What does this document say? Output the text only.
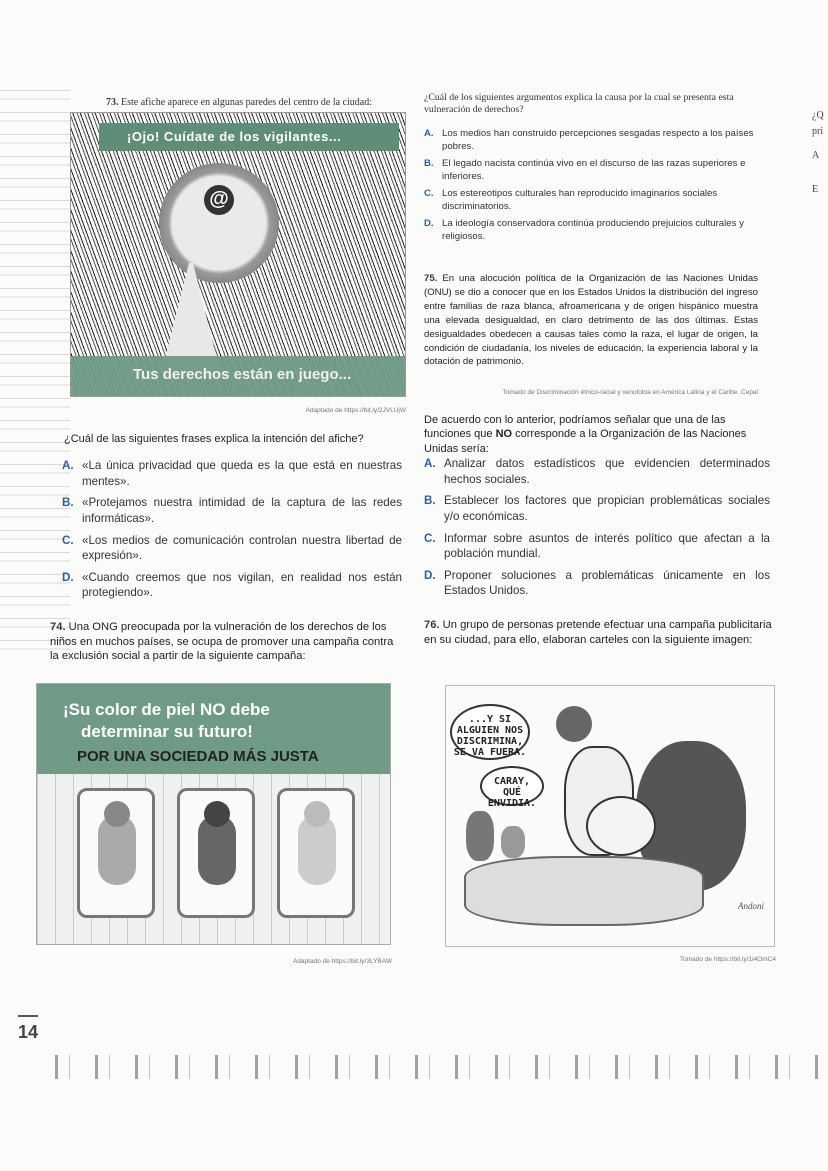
¿Q
pri
A
E
73. Este afiche aparece en algunas paredes del centro de la ciudad:
¡Ojo! Cuídate de los vigilantes...
@
Tus derechos están en juego...
Adaptado de https://bit.ly/2JVLUjW
¿Cuál de las siguientes frases explica la intención del afiche?
A. «La única privacidad que queda es la que está en nuestras mentes».
B. «Protejamos nuestra intimidad de la captura de las redes informáticas».
C. «Los medios de comunicación controlan nuestra libertad de expresión».
D. «Cuando creemos que nos vigilan, en realidad nos están protegiendo».
74. Una ONG preocupada por la vulneración de los derechos de los niños en muchos países, se ocupa de promover una campaña contra la exclusión social a partir de la siguiente campaña:
¡Su color de piel NO debe
determinar su futuro!
POR UNA SOCIEDAD MÁS JUSTA
Adaptado de https://bit.ly/3LYBAW
¿Cuál de los siguientes argumentos explica la causa por la cual se presenta esta vulneración de derechos?
A. Los medios han construido percepciones sesgadas respecto a los países pobres.
B. El legado nacista continúa vivo en el discurso de las razas superiores e inferiores.
C. Los estereotipos culturales han reproducido imaginarios sociales discriminatorios.
D. La ideología conservadora continúa produciendo prejuicios culturales y religiosos.
75. En una alocución política de la Organización de las Naciones Unidas (ONU) se dio a conocer que en los Estados Unidos la distribución del ingreso entre familias de raza blanca, afroamericana y de origen hispánico muestra una elevada desigualdad, en claro detrimento de las dos últimas. Estas desigualdades obedecen a causas tales como la raza, el lugar de origen, la condición de ciudadanía, los niveles de educación, la experiencia laboral y la dotación de patrimonio.
Tomado de Discriminación étnico-racial y xenofobia en América Latina y el Caribe. Cepal
De acuerdo con lo anterior, podríamos señalar que una de las funciones que NO corresponde a la Organización de las Naciones Unidas sería:
A. Analizar datos estadísticos que evidencien determinados hechos sociales.
B. Establecer los factores que propician problemáticas sociales y/o económicas.
C. Informar sobre asuntos de interés político que afectan a la población mundial.
D. Proponer soluciones a problemáticas únicamente en los Estados Unidos.
76. Un grupo de personas pretende efectuar una campaña publicitaria en su ciudad, para ello, elaboran carteles con la siguiente imagen:
...Y SI ALGUIEN NOS DISCRIMINA, SE VA FUERA.
CARAY, QUÉ ENVIDIA.
Andoni
Tomado de https://bit.ly/1i4OmC4
14
